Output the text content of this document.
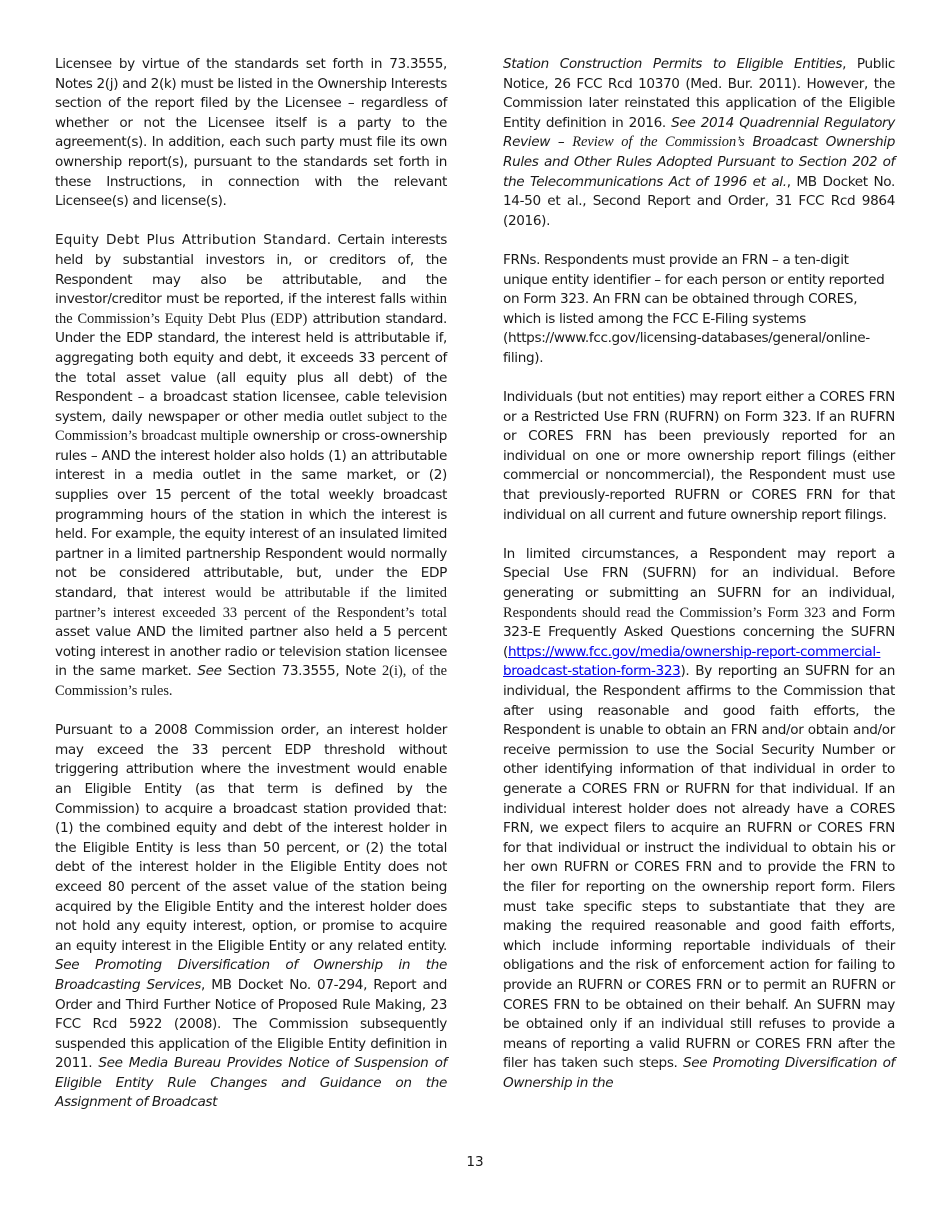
Licensee by virtue of the standards set forth in 73.3555, Notes 2(j) and 2(k) must be listed in the Ownership Interests section of the report filed by the Licensee – regardless of whether or not the Licensee itself is a party to the agreement(s). In addition, each such party must file its own ownership report(s), pursuant to the standards set forth in these Instructions, in connection with the relevant Licensee(s) and license(s).

Equity Debt Plus Attribution Standard. Certain interests held by substantial investors in, or creditors of, the Respondent may also be attributable, and the investor/creditor must be reported, if the interest falls within the Commission’s Equity Debt Plus (EDP) attribution standard. Under the EDP standard, the interest held is attributable if, aggregating both equity and debt, it exceeds 33 percent of the total asset value (all equity plus all debt) of the Respondent – a broadcast station licensee, cable television system, daily newspaper or other media outlet subject to the Commission’s broadcast multiple ownership or cross-ownership rules – AND the interest holder also holds (1) an attributable interest in a media outlet in the same market, or (2) supplies over 15 percent of the total weekly broadcast programming hours of the station in which the interest is held. For example, the equity interest of an insulated limited partner in a limited partnership Respondent would normally not be considered attributable, but, under the EDP standard, that interest would be attributable if the limited partner’s interest exceeded 33 percent of the Respondent’s total asset value AND the limited partner also held a 5 percent voting interest in another radio or television station licensee in the same market. See Section 73.3555, Note 2(i), of the Commission’s rules.

Pursuant to a 2008 Commission order, an interest holder may exceed the 33 percent EDP threshold without triggering attribution where the investment would enable an Eligible Entity (as that term is defined by the Commission) to acquire a broadcast station provided that: (1) the combined equity and debt of the interest holder in the Eligible Entity is less than 50 percent, or (2) the total debt of the interest holder in the Eligible Entity does not exceed 80 percent of the asset value of the station being acquired by the Eligible Entity and the interest holder does not hold any equity interest, option, or promise to acquire an equity interest in the Eligible Entity or any related entity. See Promoting Diversification of Ownership in the Broadcasting Services, MB Docket No. 07-294, Report and Order and Third Further Notice of Proposed Rule Making, 23 FCC Rcd 5922 (2008). The Commission subsequently suspended this application of the Eligible Entity definition in 2011. See Media Bureau Provides Notice of Suspension of Eligible Entity Rule Changes and Guidance on the Assignment of Broadcast

Station Construction Permits to Eligible Entities, Public Notice, 26 FCC Rcd 10370 (Med. Bur. 2011). However, the Commission later reinstated this application of the Eligible Entity definition in 2016. See 2014 Quadrennial Regulatory Review – Review of the Commission’s Broadcast Ownership Rules and Other Rules Adopted Pursuant to Section 202 of the Telecommunications Act of 1996 et al., MB Docket No. 14-50 et al., Second Report and Order, 31 FCC Rcd 9864 (2016).

FRNs. Respondents must provide an FRN – a ten-digit unique entity identifier – for each person or entity reported on Form 323. An FRN can be obtained through CORES, which is listed among the FCC E-Filing systems (https://www.fcc.gov/licensing-databases/general/online-filing).

Individuals (but not entities) may report either a CORES FRN or a Restricted Use FRN (RUFRN) on Form 323. If an RUFRN or CORES FRN has been previously reported for an individual on one or more ownership report filings (either commercial or noncommercial), the Respondent must use that previously-reported RUFRN or CORES FRN for that individual on all current and future ownership report filings.

In limited circumstances, a Respondent may report a Special Use FRN (SUFRN) for an individual. Before generating or submitting an SUFRN for an individual, Respondents should read the Commission’s Form 323 and Form 323-E Frequently Asked Questions concerning the SUFRN (https://www.fcc.gov/media/ownership-report-commercial-broadcast-station-form-323). By reporting an SUFRN for an individual, the Respondent affirms to the Commission that after using reasonable and good faith efforts, the Respondent is unable to obtain an FRN and/or obtain and/or receive permission to use the Social Security Number or other identifying information of that individual in order to generate a CORES FRN or RUFRN for that individual. If an individual interest holder does not already have a CORES FRN, we expect filers to acquire an RUFRN or CORES FRN for that individual or instruct the individual to obtain his or her own RUFRN or CORES FRN and to provide the FRN to the filer for reporting on the ownership report form. Filers must take specific steps to substantiate that they are making the required reasonable and good faith efforts, which include informing reportable individuals of their obligations and the risk of enforcement action for failing to provide an RUFRN or CORES FRN or to permit an RUFRN or CORES FRN to be obtained on their behalf. An SUFRN may be obtained only if an individual still refuses to provide a means of reporting a valid RUFRN or CORES FRN after the filer has taken such steps. See Promoting Diversification of Ownership in the

13
